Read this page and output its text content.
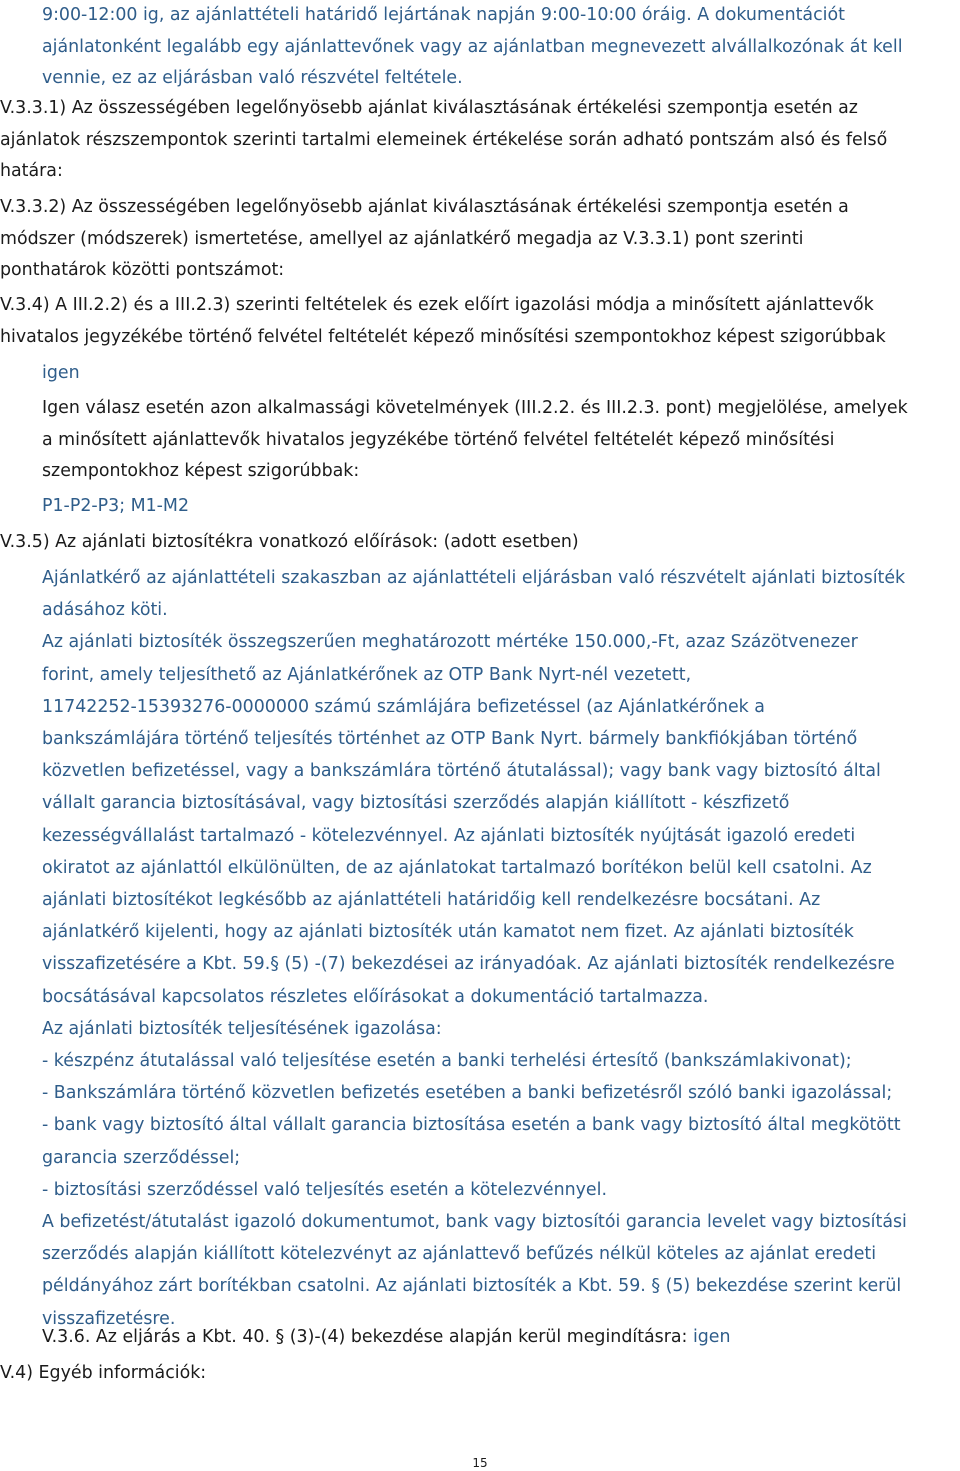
9:00-12:00 ig, az ajánlattételi határidő lejártának napján 9:00-10:00 óráig. A dokumentációt
ajánlatonként legalább egy ajánlattevőnek vagy az ajánlatban megnevezett alvállalkozónak át kell
vennie, ez az eljárásban való részvétel feltétele.

V.3.3.1) Az összességében legelőnyösebb ajánlat kiválasztásának értékelési szempontja esetén az
ajánlatok részszempontok szerinti tartalmi elemeinek értékelése során adható pontszám alsó és felső
határa:

V.3.3.2) Az összességében legelőnyösebb ajánlat kiválasztásának értékelési szempontja esetén a
módszer (módszerek) ismertetése, amellyel az ajánlatkérő megadja az V.3.3.1) pont szerinti
ponthatárok közötti pontszámot:

V.3.4) A III.2.2) és a III.2.3) szerinti feltételek és ezek előírt igazolási módja a minősített ajánlattevők
hivatalos jegyzékébe történő felvétel feltételét képező minősítési szempontokhoz képest szigorúbbak

igen

Igen válasz esetén azon alkalmassági követelmények (III.2.2. és III.2.3. pont) megjelölése, amelyek
a minősített ajánlattevők hivatalos jegyzékébe történő felvétel feltételét képező minősítési
szempontokhoz képest szigorúbbak:

P1-P2-P3; M1-M2

V.3.5) Az ajánlati biztosítékra vonatkozó előírások: (adott esetben)

Ajánlatkérő az ajánlattételi szakaszban az ajánlattételi eljárásban való részvételt ajánlati biztosíték
adásához köti.
Az ajánlati biztosíték összegszerűen meghatározott mértéke 150.000,-Ft, azaz Százötvenezer
forint, amely teljesíthető az Ajánlatkérőnek az OTP Bank Nyrt-nél vezetett,
11742252-15393276-0000000 számú számlájára befizetéssel (az Ajánlatkérőnek a
bankszámlájára történő teljesítés történhet az OTP Bank Nyrt. bármely bankfiókjában történő
közvetlen befizetéssel, vagy a bankszámlára történő átutalással); vagy bank vagy biztosító által
vállalt garancia biztosításával, vagy biztosítási szerződés alapján kiállított - készfizető
kezességvállalást tartalmazó - kötelezvénnyel. Az ajánlati biztosíték nyújtását igazoló eredeti
okiratot az ajánlattól elkülönülten, de az ajánlatokat tartalmazó borítékon belül kell csatolni. Az
ajánlati biztosítékot legkésőbb az ajánlattételi határidőig kell rendelkezésre bocsátani. Az
ajánlatkérő kijelenti, hogy az ajánlati biztosíték után kamatot nem fizet. Az ajánlati biztosíték
visszafizetésére a Kbt. 59.§ (5) -(7) bekezdései az irányadóak. Az ajánlati biztosíték rendelkezésre
bocsátásával kapcsolatos részletes előírásokat a dokumentáció tartalmazza.
Az ajánlati biztosíték teljesítésének igazolása:
- készpénz átutalással való teljesítése esetén a banki terhelési értesítő (bankszámlakivonat);
- Bankszámlára történő közvetlen befizetés esetében a banki befizetésről szóló banki igazolással;
- bank vagy biztosító által vállalt garancia biztosítása esetén a bank vagy biztosító által megkötött
garancia szerződéssel;
- biztosítási szerződéssel való teljesítés esetén a kötelezvénnyel.
A befizetést/átutalást igazoló dokumentumot, bank vagy biztosítói garancia levelet vagy biztosítási
szerződés alapján kiállított kötelezvényt az ajánlattevő befűzés nélkül köteles az ajánlat eredeti
példányához zárt borítékban csatolni. Az ajánlati biztosíték a Kbt. 59. § (5) bekezdése szerint kerül
visszafizetésre.

V.3.6. Az eljárás a Kbt. 40. § (3)-(4) bekezdése alapján kerül megindításra: igen

V.4) Egyéb információk:

15
